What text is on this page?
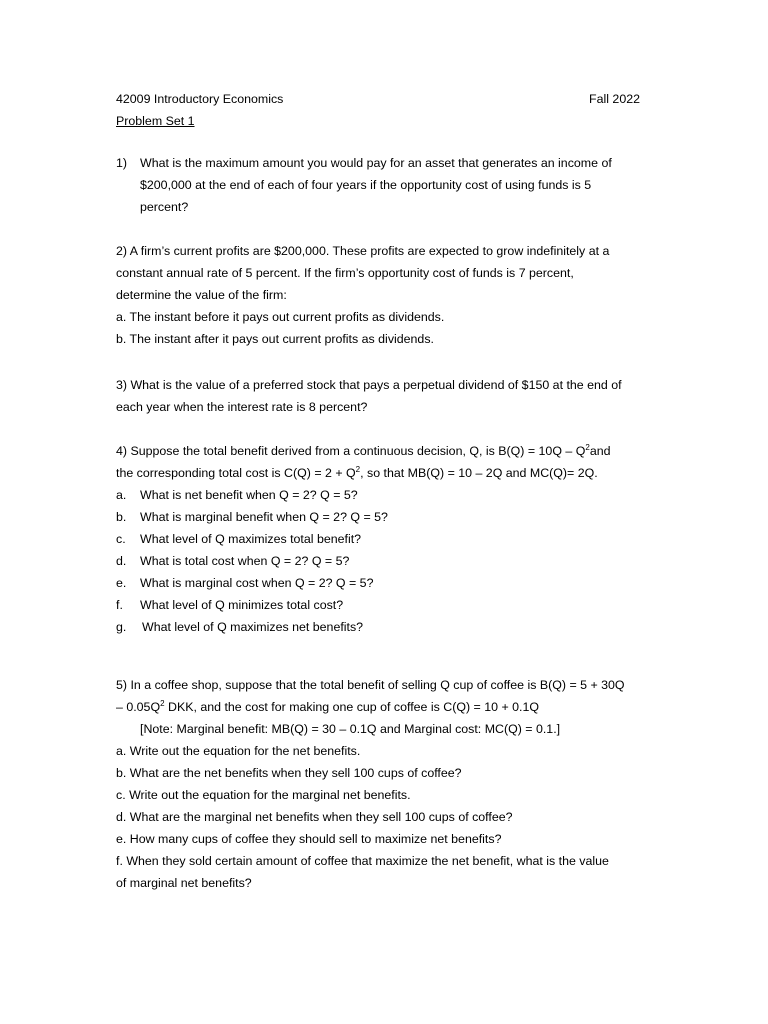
42009 Introductory Economics	Fall 2022
Problem Set 1
1)	What is the maximum amount you would pay for an asset that generates an income of
$200,000 at the end of each of four years if the opportunity cost of using funds is 5
percent?
2) A firm’s current profits are $200,000. These profits are expected to grow indefinitely at a
constant annual rate of 5 percent. If the firm’s opportunity cost of funds is 7 percent,
determine the value of the firm:
a. The instant before it pays out current profits as dividends.
b. The instant after it pays out current profits as dividends.
3) What is the value of a preferred stock that pays a perpetual dividend of $150 at the end of
each year when the interest rate is 8 percent?
4) Suppose the total benefit derived from a continuous decision, Q, is $B(Q) = 10Q - Q^2and$
the corresponding total cost is $C(Q) = 2 + Q^2$, so that MB(Q) = 10 – 2Q and MC(Q)= 2Q.
a.	What is net benefit when Q = 2? Q = 5?
b.	What is marginal benefit when Q = 2? Q = 5?
c.	What level of Q maximizes total benefit?
d.	What is total cost when Q = 2? Q = 5?
e.	What is marginal cost when Q = 2? Q = 5?
f.	What level of Q minimizes total cost?
g.	What level of Q maximizes net benefits?
5) In a coffee shop, suppose that the total benefit of selling Q cup of coffee is B(Q) = 5 + 30Q
– $0.05Q^2$ DKK, and the cost for making one cup of coffee is C(Q) = 10 + 0.1Q
[Note: Marginal benefit: MB(Q) = 30 – 0.1Q and Marginal cost: MC(Q) = 0.1.]
a. Write out the equation for the net benefits.
b. What are the net benefits when they sell 100 cups of coffee?
c. Write out the equation for the marginal net benefits.
d. What are the marginal net benefits when they sell 100 cups of coffee?
e. How many cups of coffee they should sell to maximize net benefits?
f. When they sold certain amount of coffee that maximize the net benefit, what is the value
of marginal net benefits?
